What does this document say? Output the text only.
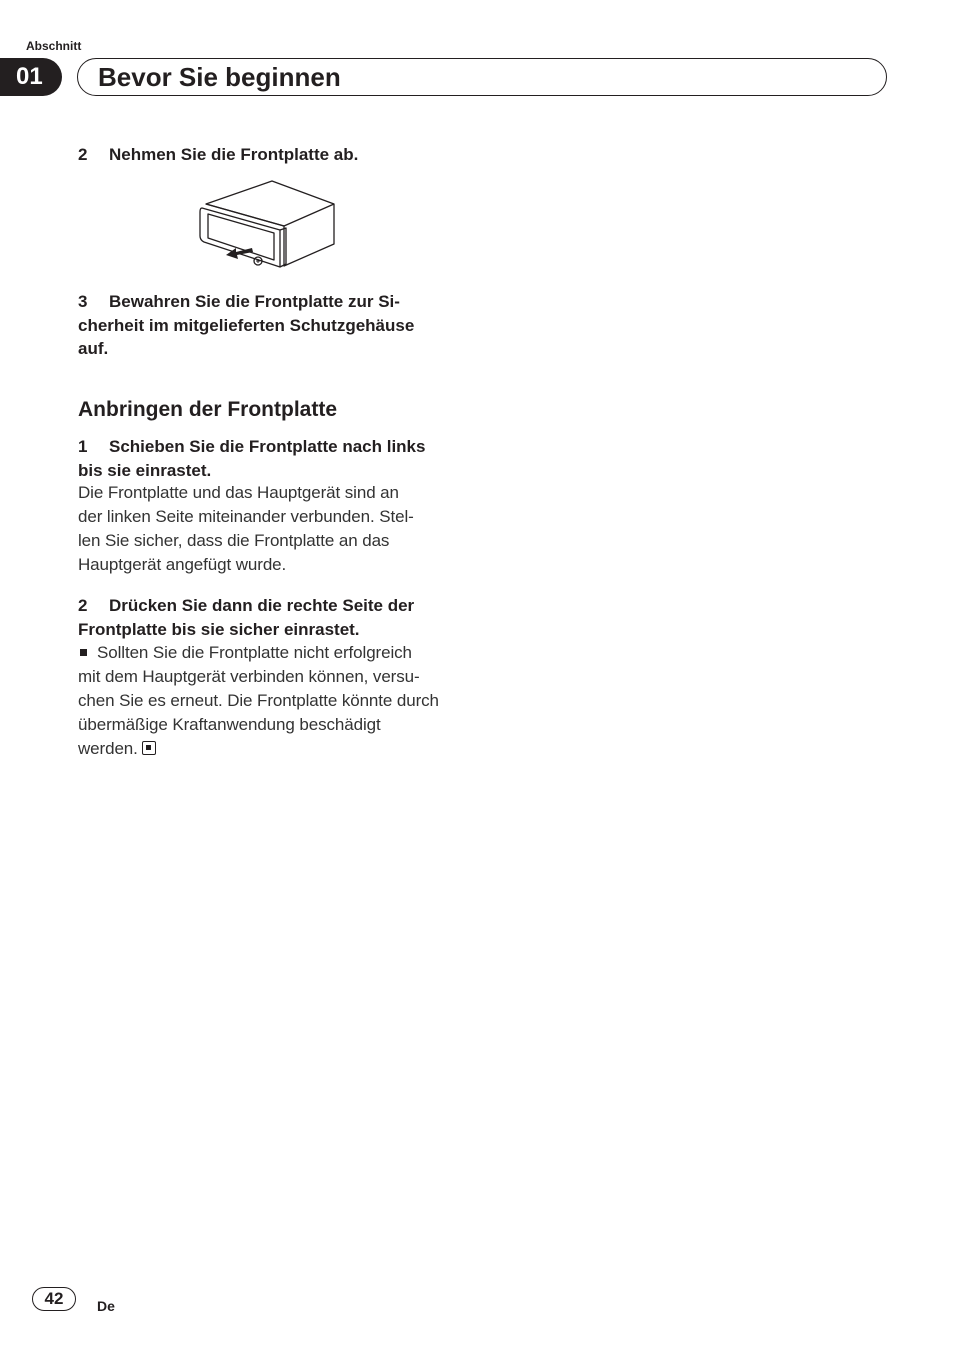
Abschnitt
01	Bevor Sie beginnen
2 Nehmen Sie die Frontplatte ab.
3 Bewahren Sie die Frontplatte zur Si-
cherheit im mitgelieferten Schutzgehäuse
auf.
Anbringen der Frontplatte
1 Schieben Sie die Frontplatte nach links
bis sie einrastet.
Die Frontplatte und das Hauptgerät sind an
der linken Seite miteinander verbunden. Stel-
len Sie sicher, dass die Frontplatte an das
Hauptgerät angefügt wurde.
2 Drücken Sie dann die rechte Seite der
Frontplatte bis sie sicher einrastet.
Sollten Sie die Frontplatte nicht erfolgreich
mit dem Hauptgerät verbinden können, versu-
chen Sie es erneut. Die Frontplatte könnte durch
übermäßige Kraftanwendung beschädigt
werden.
42	De
